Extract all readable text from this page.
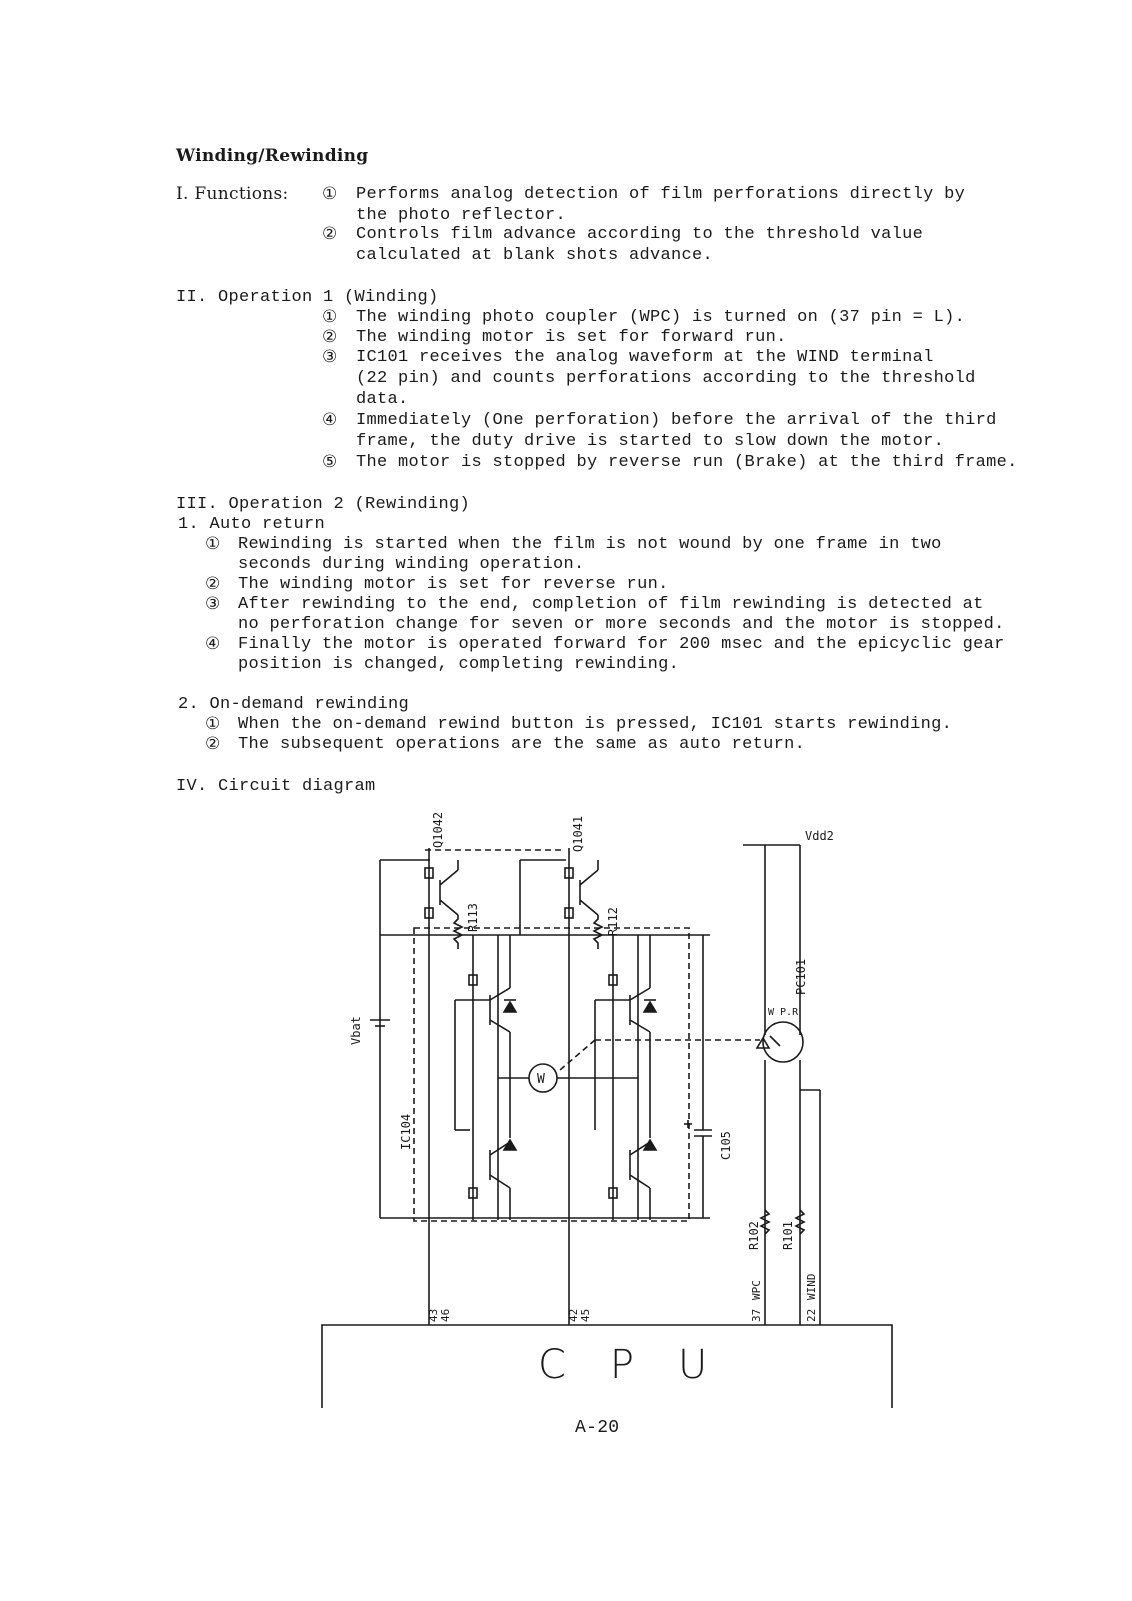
Winding/Rewinding
I. Functions: ① Performs analog detection of film perforations directly by
the photo reflector.
② Controls film advance according to the threshold value
calculated at blank shots advance.
II. Operation 1 (Winding)
① The winding photo coupler (WPC) is turned on (37 pin = L).
② The winding motor is set for forward run.
③ IC101 receives the analog waveform at the WIND terminal
(22 pin) and counts perforations according to the threshold
data.
④ Immediately (One perforation) before the arrival of the third
frame, the duty drive is started to slow down the motor.
⑤ The motor is stopped by reverse run (Brake) at the third frame.
III. Operation 2 (Rewinding)
1. Auto return
① Rewinding is started when the film is not wound by one frame in two
seconds during winding operation.
② The winding motor is set for reverse run.
③ After rewinding to the end, completion of film rewinding is detected at
no perforation change for seven or more seconds and the motor is stopped.
④ Finally the motor is operated forward for 200 msec and the epicyclic gear
position is changed, completing rewinding.
2. On-demand rewinding
① When the on-demand rewind button is pressed, IC101 starts rewinding.
② The subsequent operations are the same as auto return.
IV. Circuit diagram
Q1042	Q1041
R113	R112
Vbat
IC104
W
C105
Vdd2
PC101
W P.R
R102 R101
43 46	42 45	37
WPC
22
WIND
CPU
A-20
